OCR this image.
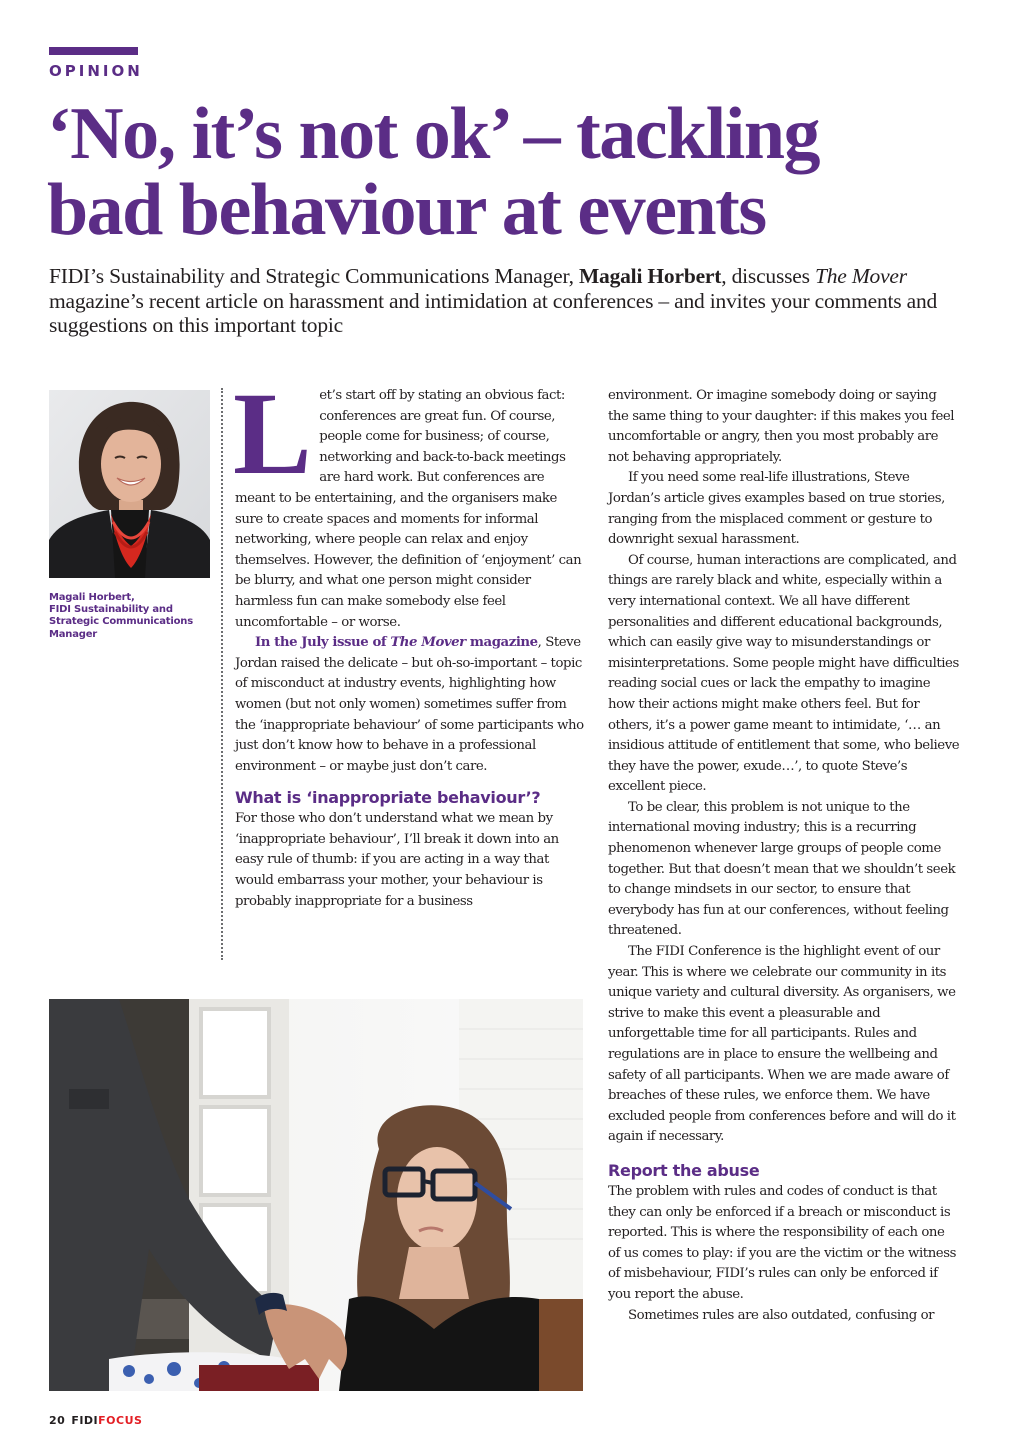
OPINION
‘No, it’s not ok’ – tackling
bad behaviour at events

FIDI’s Sustainability and Strategic Communications Manager, Magali Horbert, discusses The Mover magazine’s recent article on harassment and intimidation at conferences – and invites your comments and suggestions on this important topic

Magali Horbert,
FIDI Sustainability and
Strategic Communications
Manager

Let’s start off by stating an obvious fact: conferences are great fun. Of course, people come for business; of course, networking and back-to-back meetings are hard work. But conferences are meant to be entertaining, and the organisers make sure to create spaces and moments for informal networking, where people can relax and enjoy themselves. However, the definition of ‘enjoyment’ can be blurry, and what one person might consider harmless fun can make somebody else feel uncomfortable – or worse.

In the July issue of The Mover magazine, Steve Jordan raised the delicate – but oh-so-important – topic of misconduct at industry events, highlighting how women (but not only women) sometimes suffer from the ‘inappropriate behaviour’ of some participants who just don’t know how to behave in a professional environment – or maybe just don’t care.

What is ‘inappropriate behaviour’?

For those who don’t understand what we mean by ‘inappropriate behaviour’, I’ll break it down into an easy rule of thumb: if you are acting in a way that would embarrass your mother, your behaviour is probably inappropriate for a business

environment. Or imagine somebody doing or saying the same thing to your daughter: if this makes you feel uncomfortable or angry, then you most probably are not behaving appropriately.

If you need some real-life illustrations, Steve Jordan’s article gives examples based on true stories, ranging from the misplaced comment or gesture to downright sexual harassment.

Of course, human interactions are complicated, and things are rarely black and white, especially within a very international context. We all have different personalities and different educational backgrounds, which can easily give way to misunderstandings or misinterpretations. Some people might have difficulties reading social cues or lack the empathy to imagine how their actions might make others feel. But for others, it’s a power game meant to intimidate, ‘… an insidious attitude of entitlement that some, who believe they have the power, exude…’, to quote Steve’s excellent piece.

To be clear, this problem is not unique to the international moving industry; this is a recurring phenomenon whenever large groups of people come together. But that doesn’t mean that we shouldn’t seek to change mindsets in our sector, to ensure that everybody has fun at our conferences, without feeling threatened.

The FIDI Conference is the highlight event of our year. This is where we celebrate our community in its unique variety and cultural diversity. As organisers, we strive to make this event a pleasurable and unforgettable time for all participants. Rules and regulations are in place to ensure the wellbeing and safety of all participants. When we are made aware of breaches of these rules, we enforce them. We have excluded people from conferences before and will do it again if necessary.

Report the abuse

The problem with rules and codes of conduct is that they can only be enforced if a breach or misconduct is reported. This is where the responsibility of each one of us comes to play: if you are the victim or the witness of misbehaviour, FIDI’s rules can only be enforced if you report the abuse.

Sometimes rules are also outdated, confusing or

20 FIDIFOCUS
